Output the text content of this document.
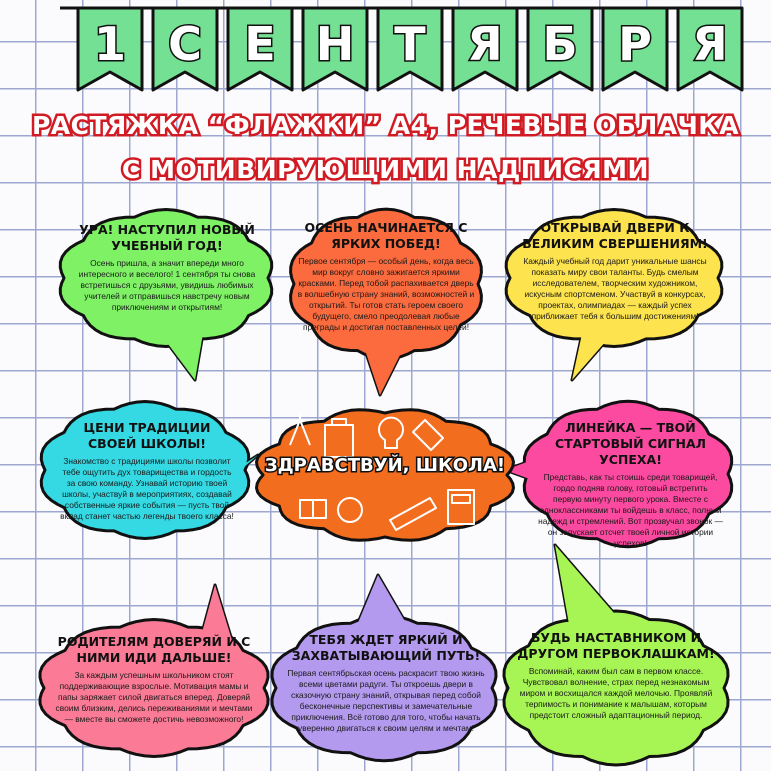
1 С Е Н Т Я Б Р Я
РАСТЯЖКА “ФЛАЖКИ” А4, РЕЧЕВЫЕ ОБЛАЧКА
С МОТИВИРУЮЩИМИ НАДПИСЯМИ
УРА! НАСТУПИЛ НОВЫЙ УЧЕБНЫЙ ГОД!
Осень пришла, а значит впереди много интересного и веселого! 1 сентября ты снова встретишься с друзьями, увидишь любимых учителей и отправишься навстречу новым приключениям и открытиям!
ОСЕНЬ НАЧИНАЕТСЯ С ЯРКИХ ПОБЕД!
Первое сентября — особый день, когда весь мир вокруг словно зажигается яркими красками. Перед тобой распахивается дверь в волшебную страну знаний, возможностей и открытий. Ты готов стать героем своего будущего, смело преодолевая любые преграды и достигая поставленных целей!
ОТКРЫВАЙ ДВЕРИ К ВЕЛИКИМ СВЕРШЕНИЯМ!
Каждый учебный год дарит уникальные шансы показать миру свои таланты. Будь смелым исследователем, творческим художником, искусным спортсменом. Участвуй в конкурсах, проектах, олимпиадах — каждый успех приближает тебя к большим достижениям!
ЦЕНИ ТРАДИЦИИ СВОЕЙ ШКОЛЫ!
Знакомство с традициями школы позволит тебе ощутить дух товарищества и гордость за свою команду. Узнавай историю твоей школы, участвуй в мероприятиях, создавай собственные яркие события — пусть твой вклад станет частью легенды твоего класса!
ЛИНЕЙКА — ТВОЙ СТАРТОВЫЙ СИГНАЛ УСПЕХА!
Представь, как ты стоишь среди товарищей, гордо подняв голову, готовый встретить первую минуту первого урока. Вместе с одноклассниками ты войдешь в класс, полный надежд и стремлений. Вот прозвучал звонок — он запускает отсчет твоей личной истории успехов!
РОДИТЕЛЯМ ДОВЕРЯЙ И С НИМИ ИДИ ДАЛЬШЕ!
За каждым успешным школьником стоят поддерживающие взрослые. Мотивация мамы и папы заряжает силой двигаться вперед. Доверяй своим близким, делись переживаниями и мечтами — вместе вы сможете достичь невозможного!
ТЕБЯ ЖДЕТ ЯРКИЙ И ЗАХВАТЫВАЮЩИЙ ПУТЬ!
Первая сентябрьская осень раскрасит твою жизнь всеми цветами радуги. Ты откроешь двери в сказочную страну знаний, открывая перед собой бесконечные перспективы и замечательные приключения. Всё готово для того, чтобы начать уверенно двигаться к своим целям и мечтам!
БУДЬ НАСТАВНИКОМ И ДРУГОМ ПЕРВОКЛАШКАМ!
Вспоминай, каким был сам в первом классе. Чувствовал волнение, страх перед незнакомым миром и восхищался каждой мелочью. Проявляй терпимость и понимание к малышам, которым предстоит сложный адаптационный период.
ЗДРАВСТВУЙ, ШКОЛА!
